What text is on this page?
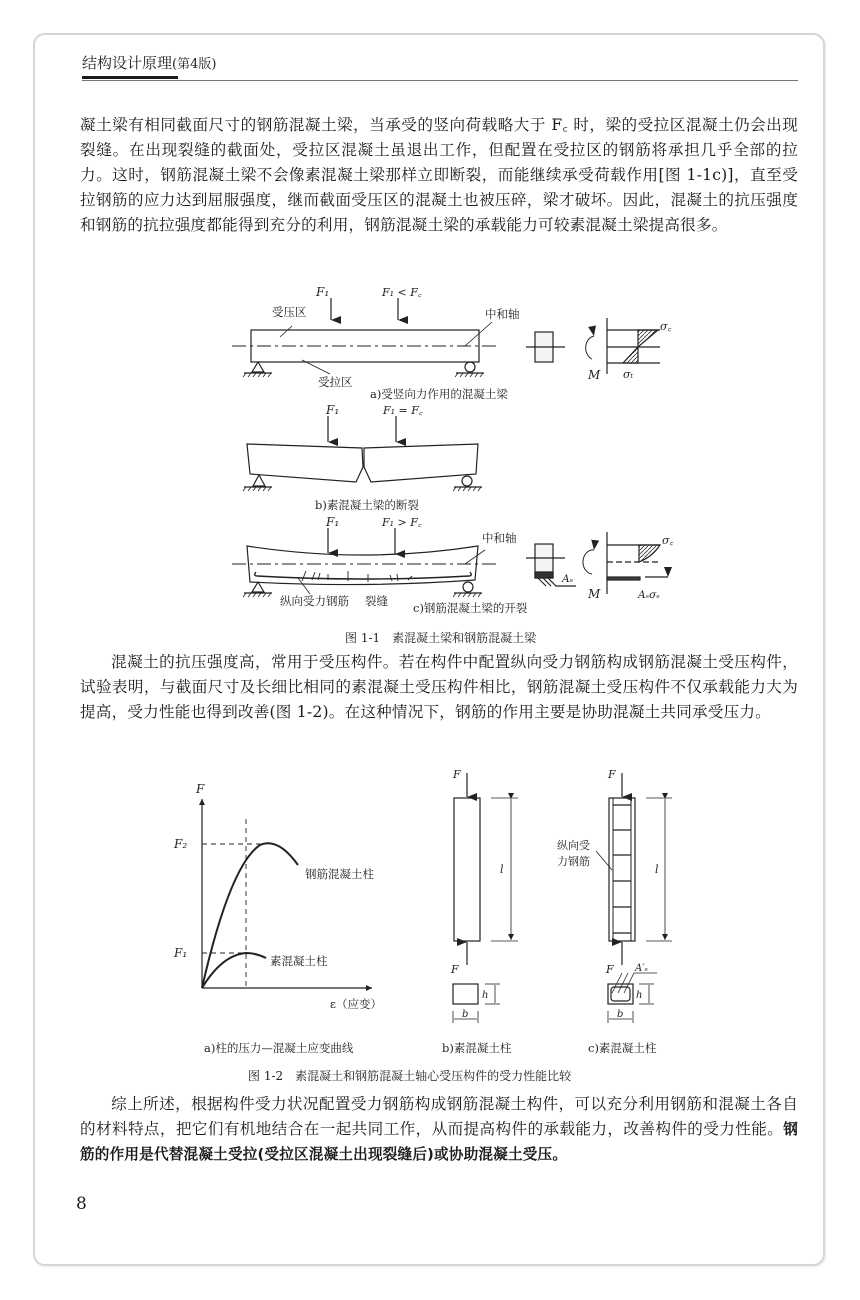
结构设计原理(第4版)
凝土梁有相同截面尺寸的钢筋混凝土梁，当承受的竖向荷载略大于 F꜀ 时，梁的受拉区混凝土仍会出现裂缝。在出现裂缝的截面处，受拉区混凝土虽退出工作，但配置在受拉区的钢筋将承担几乎全部的拉力。这时，钢筋混凝土梁不会像素混凝土梁那样立即断裂，而能继续承受荷载作用[图 1-1c)]，直至受拉钢筋的应力达到屈服强度，继而截面受压区的混凝土也被压碎，梁才破坏。因此，混凝土的抗压强度和钢筋的抗拉强度都能得到充分的利用，钢筋混凝土梁的承载能力可较素混凝土梁提高很多。
F₁	F₁ < F꜀
受压区
受拉区
中和轴
M
σ꜀
σₜ
a)受竖向力作用的混凝土梁
F₁	F₁ = F꜀
b)素混凝土梁的断裂
F₁	F₁ > F꜀
中和轴
纵向受力钢筋 裂缝
Aₛ
M
σ꜀
Aₛσₛ
c)钢筋混凝土梁的开裂
图 1-1　素混凝土梁和钢筋混凝土梁
混凝土的抗压强度高，常用于受压构件。若在构件中配置纵向受力钢筋构成钢筋混凝土受压构件，试验表明，与截面尺寸及长细比相同的素混凝土受压构件相比，钢筋混凝土受压构件不仅承载能力大为提高，受力性能也得到改善(图 1-2)。在这种情况下，钢筋的作用主要是协助混凝土共同承受压力。
F
F₂
F₁
钢筋混凝土柱
素混凝土柱
ε（应变）
a)柱的压力—混凝土应变曲线
F
F
l
h
b
b)素混凝土柱
F
F
l
h
b
A′ₛ
纵向受
力钢筋
c)素混凝土柱
图 1-2　素混凝土和钢筋混凝土轴心受压构件的受力性能比较
综上所述，根据构件受力状况配置受力钢筋构成钢筋混凝土构件，可以充分利用钢筋和混凝土各自的材料特点，把它们有机地结合在一起共同工作，从而提高构件的承载能力，改善构件的受力性能。钢筋的作用是代替混凝土受拉(受拉区混凝土出现裂缝后)或协助混凝土受压。
8
